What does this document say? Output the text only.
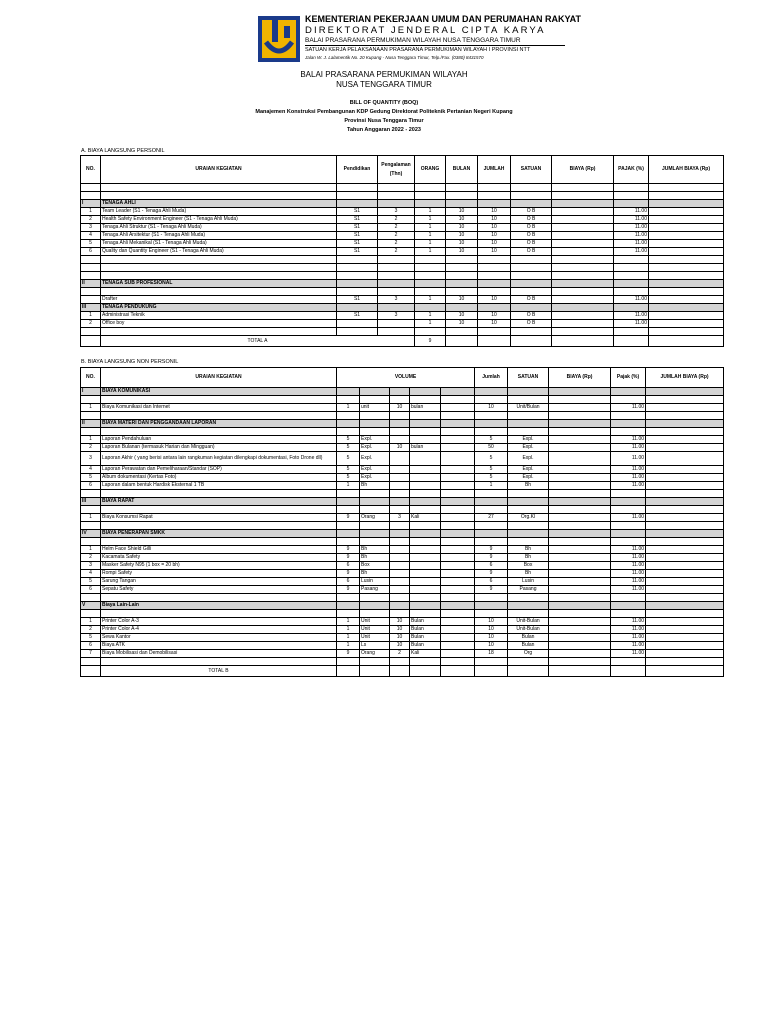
KEMENTERIAN PEKERJAAN UMUM DAN PERUMAHAN RAKYAT
DIREKTORAT JENDERAL CIPTA KARYA
BALAI PRASARANA PERMUKIMAN WILAYAH NUSA TENGGARA TIMUR
SATUAN KERJA PELAKSANAAN PRASARANA PERMUKIMAN WILAYAH I PROVINSI NTT
Jalan W. J. Lalamentik No. 20 Kupang - Nusa Tenggara Timur, Telp./Fax. (0380) 8431570
BALAI PRASARANA PERMUKIMAN WILAYAH
NUSA TENGGARA TIMUR
BILL OF QUANTITY (BOQ)
Manajemen Konstruksi Pembangunan KDP Gedung Direktorat Politeknik Pertanian Negeri Kupang
Provinsi Nusa Tenggara Timur
Tahun Anggaran 2022 - 2023
A. BIAYA LANGSUNG PERSONIL
NO.	URAIAN KEGIATAN	Pendidikan	Pengalaman (Thn)	ORANG	BULAN	JUMLAH	SATUAN	BIAYA (Rp)	PAJAK (%)	JUMLAH BIAYA (Rp)

I	TENAGA AHLI									
1	Team Leader (S1 - Tenaga Ahli Muda)	S1	3	1	10	10	O B		11.00	
2	Health Safety Environment Engineer (S1 - Tenaga Ahli Muda)	S1	2	1	10	10	O B		11.00	
3	Tenaga Ahli Struktur (S1 - Tenaga Ahli Muda)	S1	2	1	10	10	O B		11.00	
4	Tenaga Ahli Arsitektur (S1 - Tenaga Ahli Muda)	S1	2	1	10	10	O B		11.00	
5	Tenaga Ahli Mekanikal (S1 - Tenaga Ahli Muda)	S1	2	1	10	10	O B		11.00	
6	Quality dan Quantity Engineer (S1 - Tenaga Ahli Muda)	S1	2	1	10	10	O B		11.00	

II	TENAGA SUB PROFESIONAL									

	Drafter	S1	3	1	10	10	O B		11.00	
III	TENAGA PENDUKUNG									
1	Administrasi Teknik	S1	3	1	10	10	O B		11.00	
2	Office boy			1	10	10	O B		11.00	

	TOTAL A			9						
B. BIAYA LANGSUNG NON PERSONIL
NO.	URAIAN KEGIATAN	VOLUME					Jumlah	SATUAN	BIAYA (Rp)	Pajak (%)	JUMLAH BIAYA (Rp)
I	BIAYA KOMUNIKASI										

1	Biaya Komunikasi dan Internet	1	unit	10	bulan		10	Unit/Bulan		11.00	

II	BIAYA MATERI DAN PENGGANDAAN LAPORAN										

1	Laporan Pendahuluan	5	Expl.				5	Expl.		11.00	
2	Laporan Bulanan (termasuk Harian dan Mingguan)	5	Expl.	10	bulan		50	Expl.		11.00	
3	Laporan Akhir ( yang berisi antara lain rangkuman kegiatan dilengkapi dokumentasi, Foto Drone dll)	5	Expl.				5	Expl.		11.00	
4	Laporan Perawatan dan Pemeliharaan/Standar (SOP)	5	Expl.				5	Expl.		11.00	
5	Album dokumentasi (Kertas Foto)	5	Expl.				5	Expl.		11.00	
6	Laporan dalam bentuk Hardisk Eksternal 1 TB	1	Bh				1	Bh		11.00	

III	BIAYA RAPAT										

1	Biaya Konsumsi Rapat	9	Orang	3	Kali		27	Org.Kl		11.00	

IV	BIAYA PENERAPAN SMKK										

1	Helm Face Shield Gilli	9	Bh				9	Bh		11.00	
2	Kacamata Safety	9	Bh				9	Bh		11.00	
3	Masker Safety N95 (1 box = 20 bh)	6	Box				6	Box		11.00	
4	Rompi Safety	9	Bh				9	Bh		11.00	
5	Sarung Tangan	6	Lusin				6	Lusin		11.00	
6	Sepatu Safety	9	Pasang				9	Pasang		11.00	

V	Biaya Lain-Lain										

1	Printer Color A-3	1	Unit	10	Bulan		10	Unit-Bulan		11.00	
2	Printer Color A-4	1	Unit	10	Bulan		10	Unit-Bulan		11.00	
5	Sewa Kantor	1	Unit	10	Bulan		10	Bulan		11.00	
6	Biaya ATK	1	Ls	10	Bulan		10	Bulan		11.00	
7	Biaya Mobilisasi dan Demobilisasi	9	Orang	2	Kali		18	Org		11.00	

	TOTAL B										
